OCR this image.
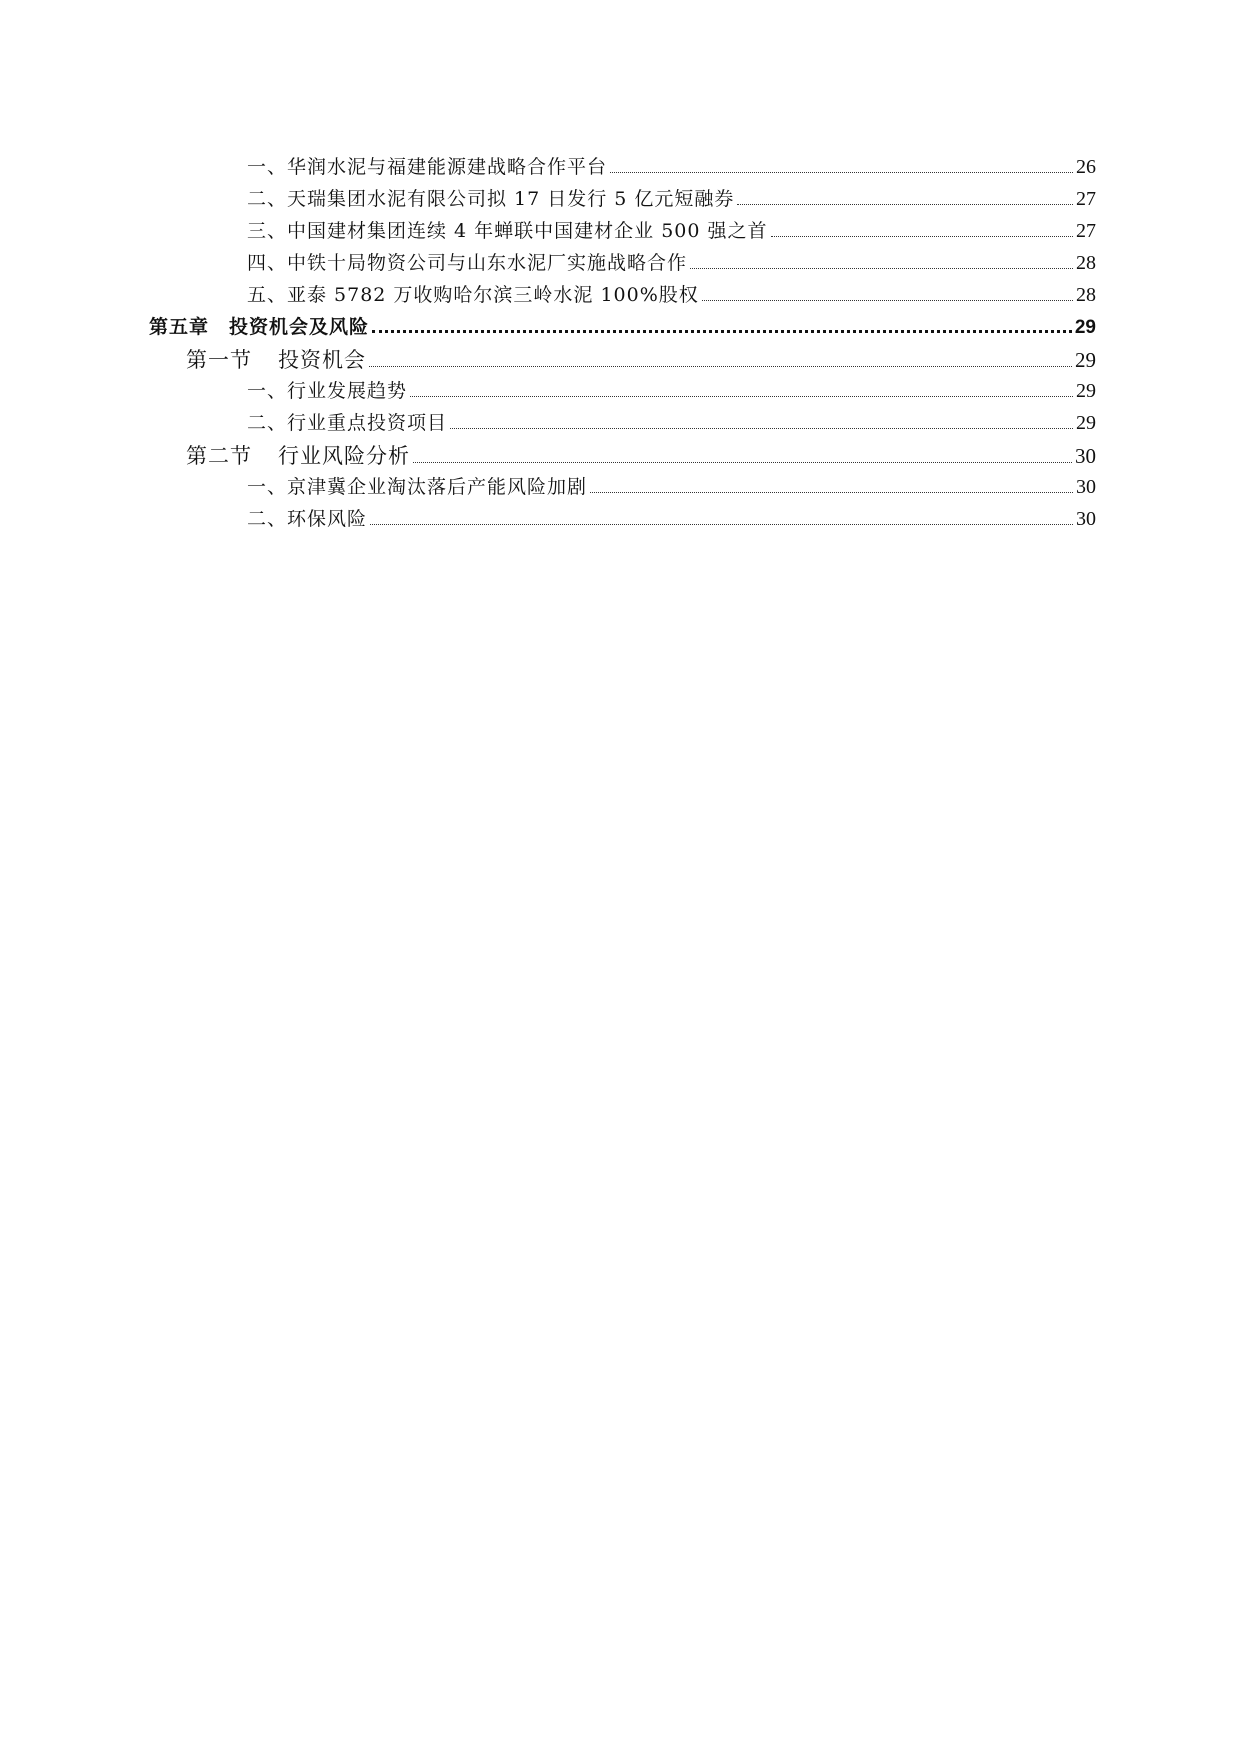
一、华润水泥与福建能源建战略合作平台	26
二、天瑞集团水泥有限公司拟 17 日发行 5 亿元短融券	27
三、中国建材集团连续 4 年蝉联中国建材企业 500 强之首	27
四、中铁十局物资公司与山东水泥厂实施战略合作	28
五、亚泰 5782 万收购哈尔滨三岭水泥 100%股权	28
第五章 投资机会及风险	29
第一节 投资机会	29
一、行业发展趋势	29
二、行业重点投资项目	29
第二节 行业风险分析	30
一、京津冀企业淘汰落后产能风险加剧	30
二、环保风险	30
